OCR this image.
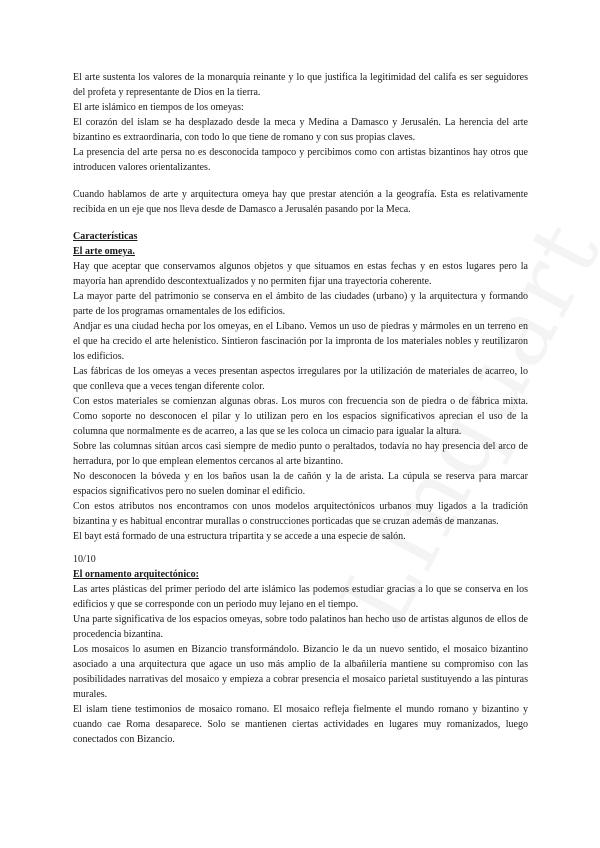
El arte sustenta los valores de la monarquía reinante y lo que justifica la legitimidad del califa es ser seguidores del profeta y representante de Dios en la tierra.

El arte islámico en tiempos de los omeyas:

El corazón del islam se ha desplazado desde la meca y Medina a Damasco y Jerusalén. La herencia del arte bizantino es extraordinaria, con todo lo que tiene de romano y con sus propias claves.

La presencia del arte persa no es desconocida tampoco y percibimos como con artistas bizantinos hay otros que introducen valores orientalizantes.

Cuando hablamos de arte y arquitectura omeya hay que prestar atención a la geografía. Esta es relativamente recibida en un eje que nos lleva desde de Damasco a Jerusalén pasando por la Meca.

Características

El arte omeya.

Hay que aceptar que conservamos algunos objetos y que situamos en estas fechas y en estos lugares pero la mayoría han aprendido descontextualizados y no permiten fijar una trayectoria coherente.

La mayor parte del patrimonio se conserva en el ámbito de las ciudades (urbano) y la arquitectura y formando parte de los programas ornamentales de los edificios.

Andjar es una ciudad hecha por los omeyas, en el Líbano. Vemos un uso de piedras y mármoles en un terreno en el que ha crecido el arte helenístico. Sintieron fascinación por la impronta de los materiales nobles y reutilizaron los edificios.

Las fábricas de los omeyas a veces presentan aspectos irregulares por la utilización de materiales de acarreo, lo que conlleva que a veces tengan diferente color.

Con estos materiales se comienzan algunas obras. Los muros con frecuencia son de piedra o de fábrica mixta. Como soporte no desconocen el pilar y lo utilizan pero en los espacios significativos aprecian el uso de la columna que normalmente es de acarreo, a las que se les coloca un cimacio para igualar la altura.

Sobre las columnas sitúan arcos casi siempre de medio punto o peraltados, todavía no hay presencia del arco de herradura, por lo que emplean elementos cercanos al arte bizantino.

No desconocen la bóveda y en los baños usan la de cañón y la de arista. La cúpula se reserva para marcar espacios significativos pero no suelen dominar el edificio.

Con estos atributos nos encontramos con unos modelos arquitectónicos urbanos muy ligados a la tradición bizantina y es habitual encontrar murallas o construcciones porticadas que se cruzan además de manzanas.

El bayt está formado de una estructura tripartita y se accede a una especie de salón.

10/10

El ornamento arquitectónico:

Las artes plásticas del primer periodo del arte islámico las podemos estudiar gracias a lo que se conserva en los edificios y que se corresponde con un periodo muy lejano en el tiempo.

Una parte significativa de los espacios omeyas, sobre todo palatinos han hecho uso de artistas algunos de ellos de procedencia bizantina.

Los mosaicos lo asumen en Bizancio transformándolo. Bizancio le da un nuevo sentido, el mosaico bizantino asociado a una arquitectura que agace un uso más amplio de la albañilería mantiene su compromiso con las posibilidades narrativas del mosaico y empieza a cobrar presencia el mosaico parietal sustituyendo a las pinturas murales.

El islam tiene testimonios de mosaico romano. El mosaico refleja fielmente el mundo romano y bizantino y cuando cae Roma desaparece. Solo se mantienen ciertas actividades en lugares muy romanizados, luego conectados con Bizancio.
